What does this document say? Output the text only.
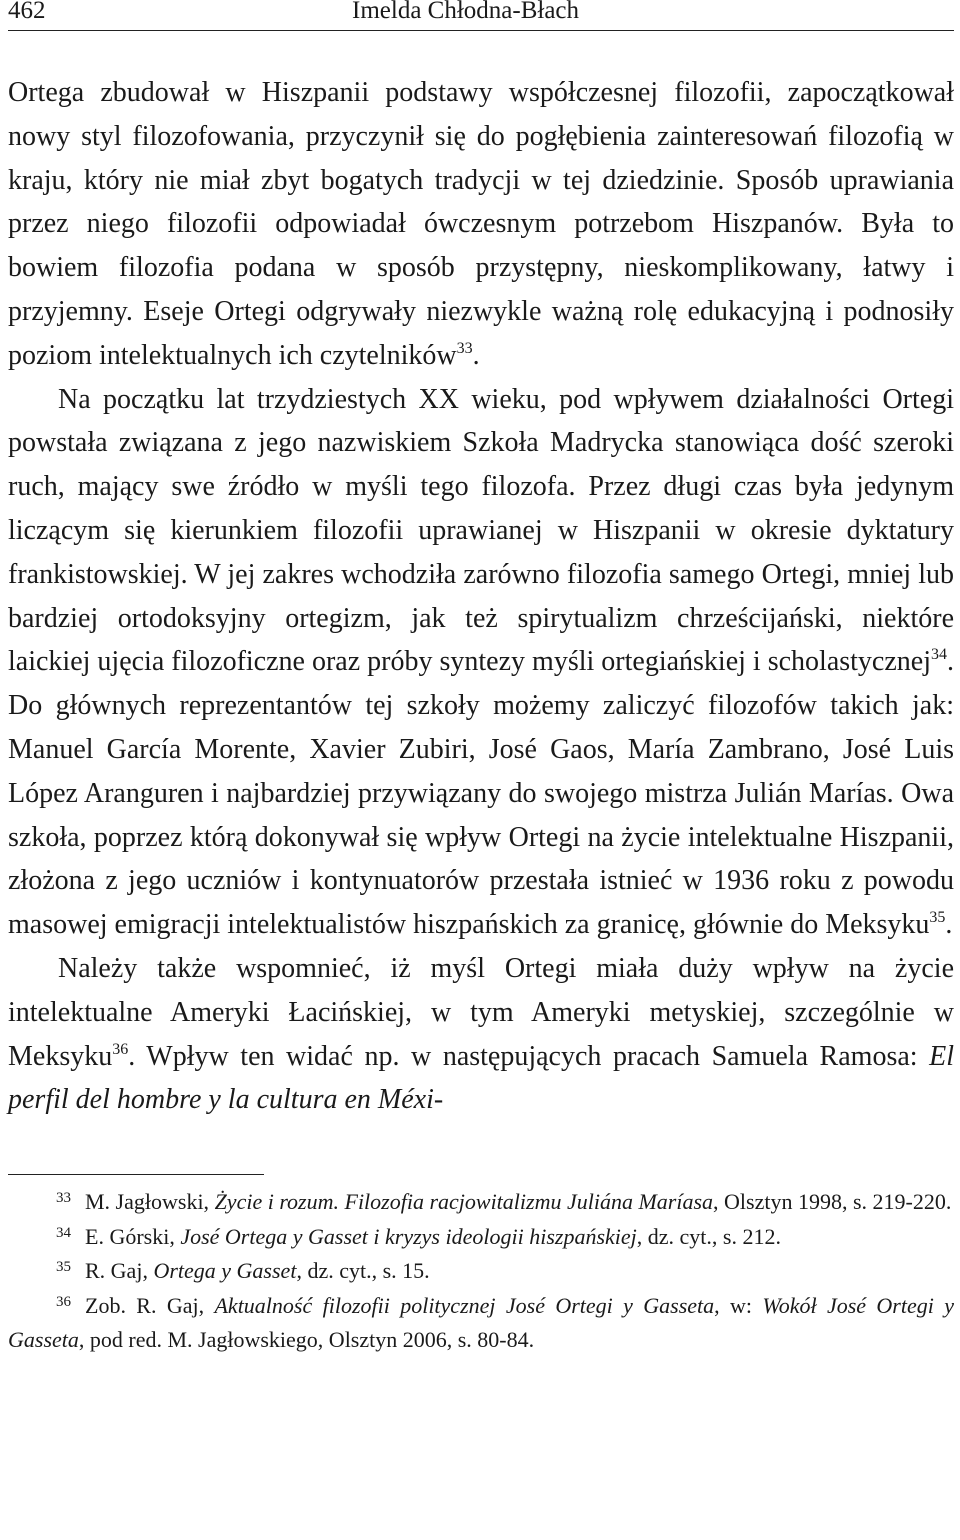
462	Imelda Chłodna-Błach

Ortega zbudował w Hiszpanii podstawy współczesnej filozofii, zapoczątkował nowy styl filozofowania, przyczynił się do pogłębienia zainteresowań filozofią w kraju, który nie miał zbyt bogatych tradycji w tej dziedzinie. Sposób uprawiania przez niego filozofii odpowiadał ówczesnym potrzebom Hiszpanów. Była to bowiem filozofia podana w sposób przystępny, nieskomplikowany, łatwy i przyjemny. Eseje Ortegi odgrywały niezwykle ważną rolę edukacyjną i podnosiły poziom intelektualnych ich czytelników$^{33}$.

Na początku lat trzydziestych XX wieku, pod wpływem działalności Ortegi powstała związana z jego nazwiskiem Szkoła Madrycka stanowiąca dość szeroki ruch, mający swe źródło w myśli tego filozofa. Przez długi czas była jedynym liczącym się kierunkiem filozofii uprawianej w Hiszpanii w okresie dyktatury frankistowskiej. W jej zakres wchodziła zarówno filozofia samego Ortegi, mniej lub bardziej ortodoksyjny ortegizm, jak też spirytualizm chrześcijański, niektóre laickiej ujęcia filozoficzne oraz próby syntezy myśli ortegiańskiej i scholastycznej$^{34}$. Do głównych reprezentantów tej szkoły możemy zaliczyć filozofów takich jak: Manuel García Morente, Xavier Zubiri, José Gaos, María Zambrano, José Luis López Aranguren i najbardziej przywiązany do swojego mistrza Julián Marías. Owa szkoła, poprzez którą dokonywał się wpływ Ortegi na życie intelektualne Hiszpanii, złożona z jego uczniów i kontynuatorów przestała istnieć w 1936 roku z powodu masowej emigracji intelektualistów hiszpańskich za granicę, głównie do Meksyku$^{35}$.

Należy także wspomnieć, iż myśl Ortegi miała duży wpływ na życie intelektualne Ameryki Łacińskiej, w tym Ameryki metyskiej, szczególnie w Meksyku$^{36}$. Wpływ ten widać np. w następujących pracach Samuela Ramosa: El perfil del hombre y la cultura en Méxi-

$^{33}$ M. Jagłowski, Życie i rozum. Filozofia racjowitalizmu Juliána Maríasa, Olsztyn 1998, s. 219-220.

$^{34}$ E. Górski, José Ortega y Gasset i kryzys ideologii hiszpańskiej, dz. cyt., s. 212.

$^{35}$ R. Gaj, Ortega y Gasset, dz. cyt., s. 15.

$^{36}$ Zob. R. Gaj, Aktualność filozofii politycznej José Ortegi y Gasseta, w: Wokół José Ortegi y Gasseta, pod red. M. Jagłowskiego, Olsztyn 2006, s. 80-84.
